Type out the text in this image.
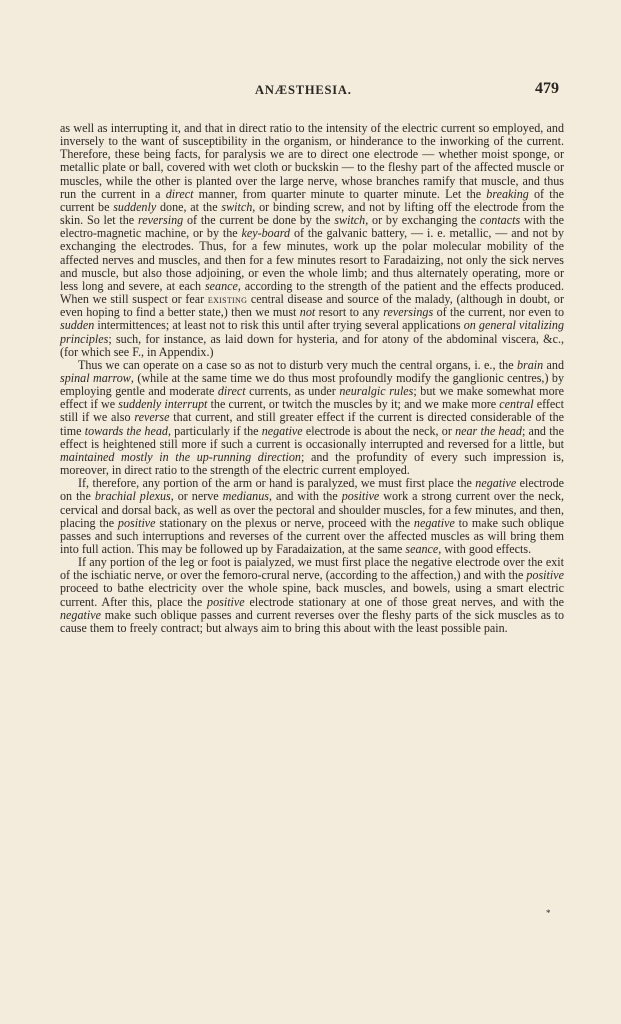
ANÆSTHESIA.	479

as well as interrupting it, and that in direct ratio to the intensity of the electric current so employed, and inversely to the want of susceptibility in the organism, or hinderance to the inworking of the current. Therefore, these being facts, for paralysis we are to direct one electrode — whether moist sponge, or metallic plate or ball, covered with wet cloth or buckskin — to the fleshy part of the affected muscle or muscles, while the other is planted over the large nerve, whose branches ramify that muscle, and thus run the current in a direct manner, from quarter minute to quarter minute. Let the breaking of the current be suddenly done, at the switch, or binding screw, and not by lifting off the electrode from the skin. So let the reversing of the current be done by the switch, or by exchanging the contacts with the electro-magnetic machine, or by the key-board of the galvanic battery, — i. e. metallic, — and not by exchanging the electrodes. Thus, for a few minutes, work up the polar molecular mobility of the affected nerves and muscles, and then for a few minutes resort to Faradaizing, not only the sick nerves and muscle, but also those adjoining, or even the whole limb; and thus alternately operating, more or less long and severe, at each seance, according to the strength of the patient and the effects produced. When we still suspect or fear existing central disease and source of the malady, (although in doubt, or even hoping to find a better state,) then we must not resort to any reversings of the current, nor even to sudden intermittences; at least not to risk this until after trying several applications on general vitalizing principles; such, for instance, as laid down for hysteria, and for atony of the abdominal viscera, &c., (for which see F., in Appendix.)

Thus we can operate on a case so as not to disturb very much the central organs, i. e., the brain and spinal marrow, (while at the same time we do thus most profoundly modify the ganglionic centres,) by employing gentle and moderate direct currents, as under neuralgic rules; but we make somewhat more effect if we suddenly interrupt the current, or twitch the muscles by it; and we make more central effect still if we also reverse that current, and still greater effect if the current is directed considerable of the time towards the head, particularly if the negative electrode is about the neck, or near the head; and the effect is heightened still more if such a current is occasionally interrupted and reversed for a little, but maintained mostly in the up-running direction; and the profundity of every such impression is, moreover, in direct ratio to the strength of the electric current employed.

If, therefore, any portion of the arm or hand is paralyzed, we must first place the negative electrode on the brachial plexus, or nerve medianus, and with the positive work a strong current over the neck, cervical and dorsal back, as well as over the pectoral and shoulder muscles, for a few minutes, and then, placing the positive stationary on the plexus or nerve, proceed with the negative to make such oblique passes and such interruptions and reverses of the current over the affected muscles as will bring them into full action. This may be followed up by Faradaization, at the same seance, with good effects.

If any portion of the leg or foot is paialyzed, we must first place the negative electrode over the exit of the ischiatic nerve, or over the femoro-crural nerve, (according to the affection,) and with the positive proceed to bathe electricity over the whole spine, back muscles, and bowels, using a smart electric current. After this, place the positive electrode stationary at one of those great nerves, and with the negative make such oblique passes and current reverses over the fleshy parts of the sick muscles as to cause them to freely contract; but always aim to bring this about with the least possible pain.

*
